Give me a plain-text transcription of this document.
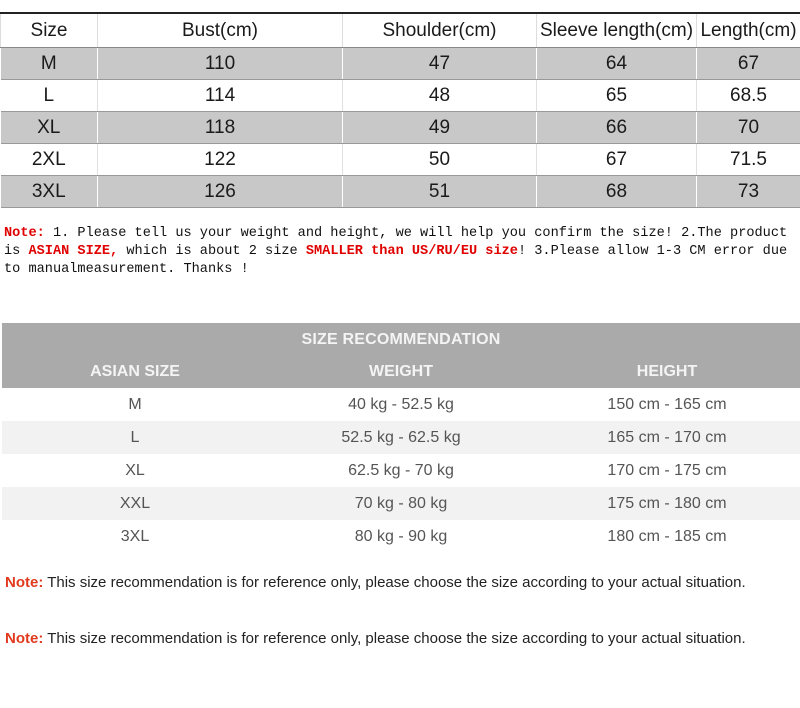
Size	Bust(cm)	Shoulder(cm)	Sleeve length(cm)	Length(cm)
M	110	47	64	67
L	114	48	65	68.5
XL	118	49	66	70
2XL	122	50	67	71.5
3XL	126	51	68	73
Note: 1. Please tell us your weight and height, we will help you confirm the size! 2.The product is ASIAN SIZE, which is about 2 size SMALLER than US/RU/EU size! 3.Please allow 1-3 CM error due to manualmeasurement. Thanks !
SIZE RECOMMENDATION
ASIAN SIZE	WEIGHT	HEIGHT
M	40 kg - 52.5 kg	150 cm - 165 cm
L	52.5 kg - 62.5 kg	165 cm - 170 cm
XL	62.5 kg - 70 kg	170 cm - 175 cm
XXL	70 kg - 80 kg	175 cm - 180 cm
3XL	80 kg - 90 kg	180 cm - 185 cm
Note: This size recommendation is for reference only, please choose the size according to your actual situation.
Note: This size recommendation is for reference only, please choose the size according to your actual situation.
